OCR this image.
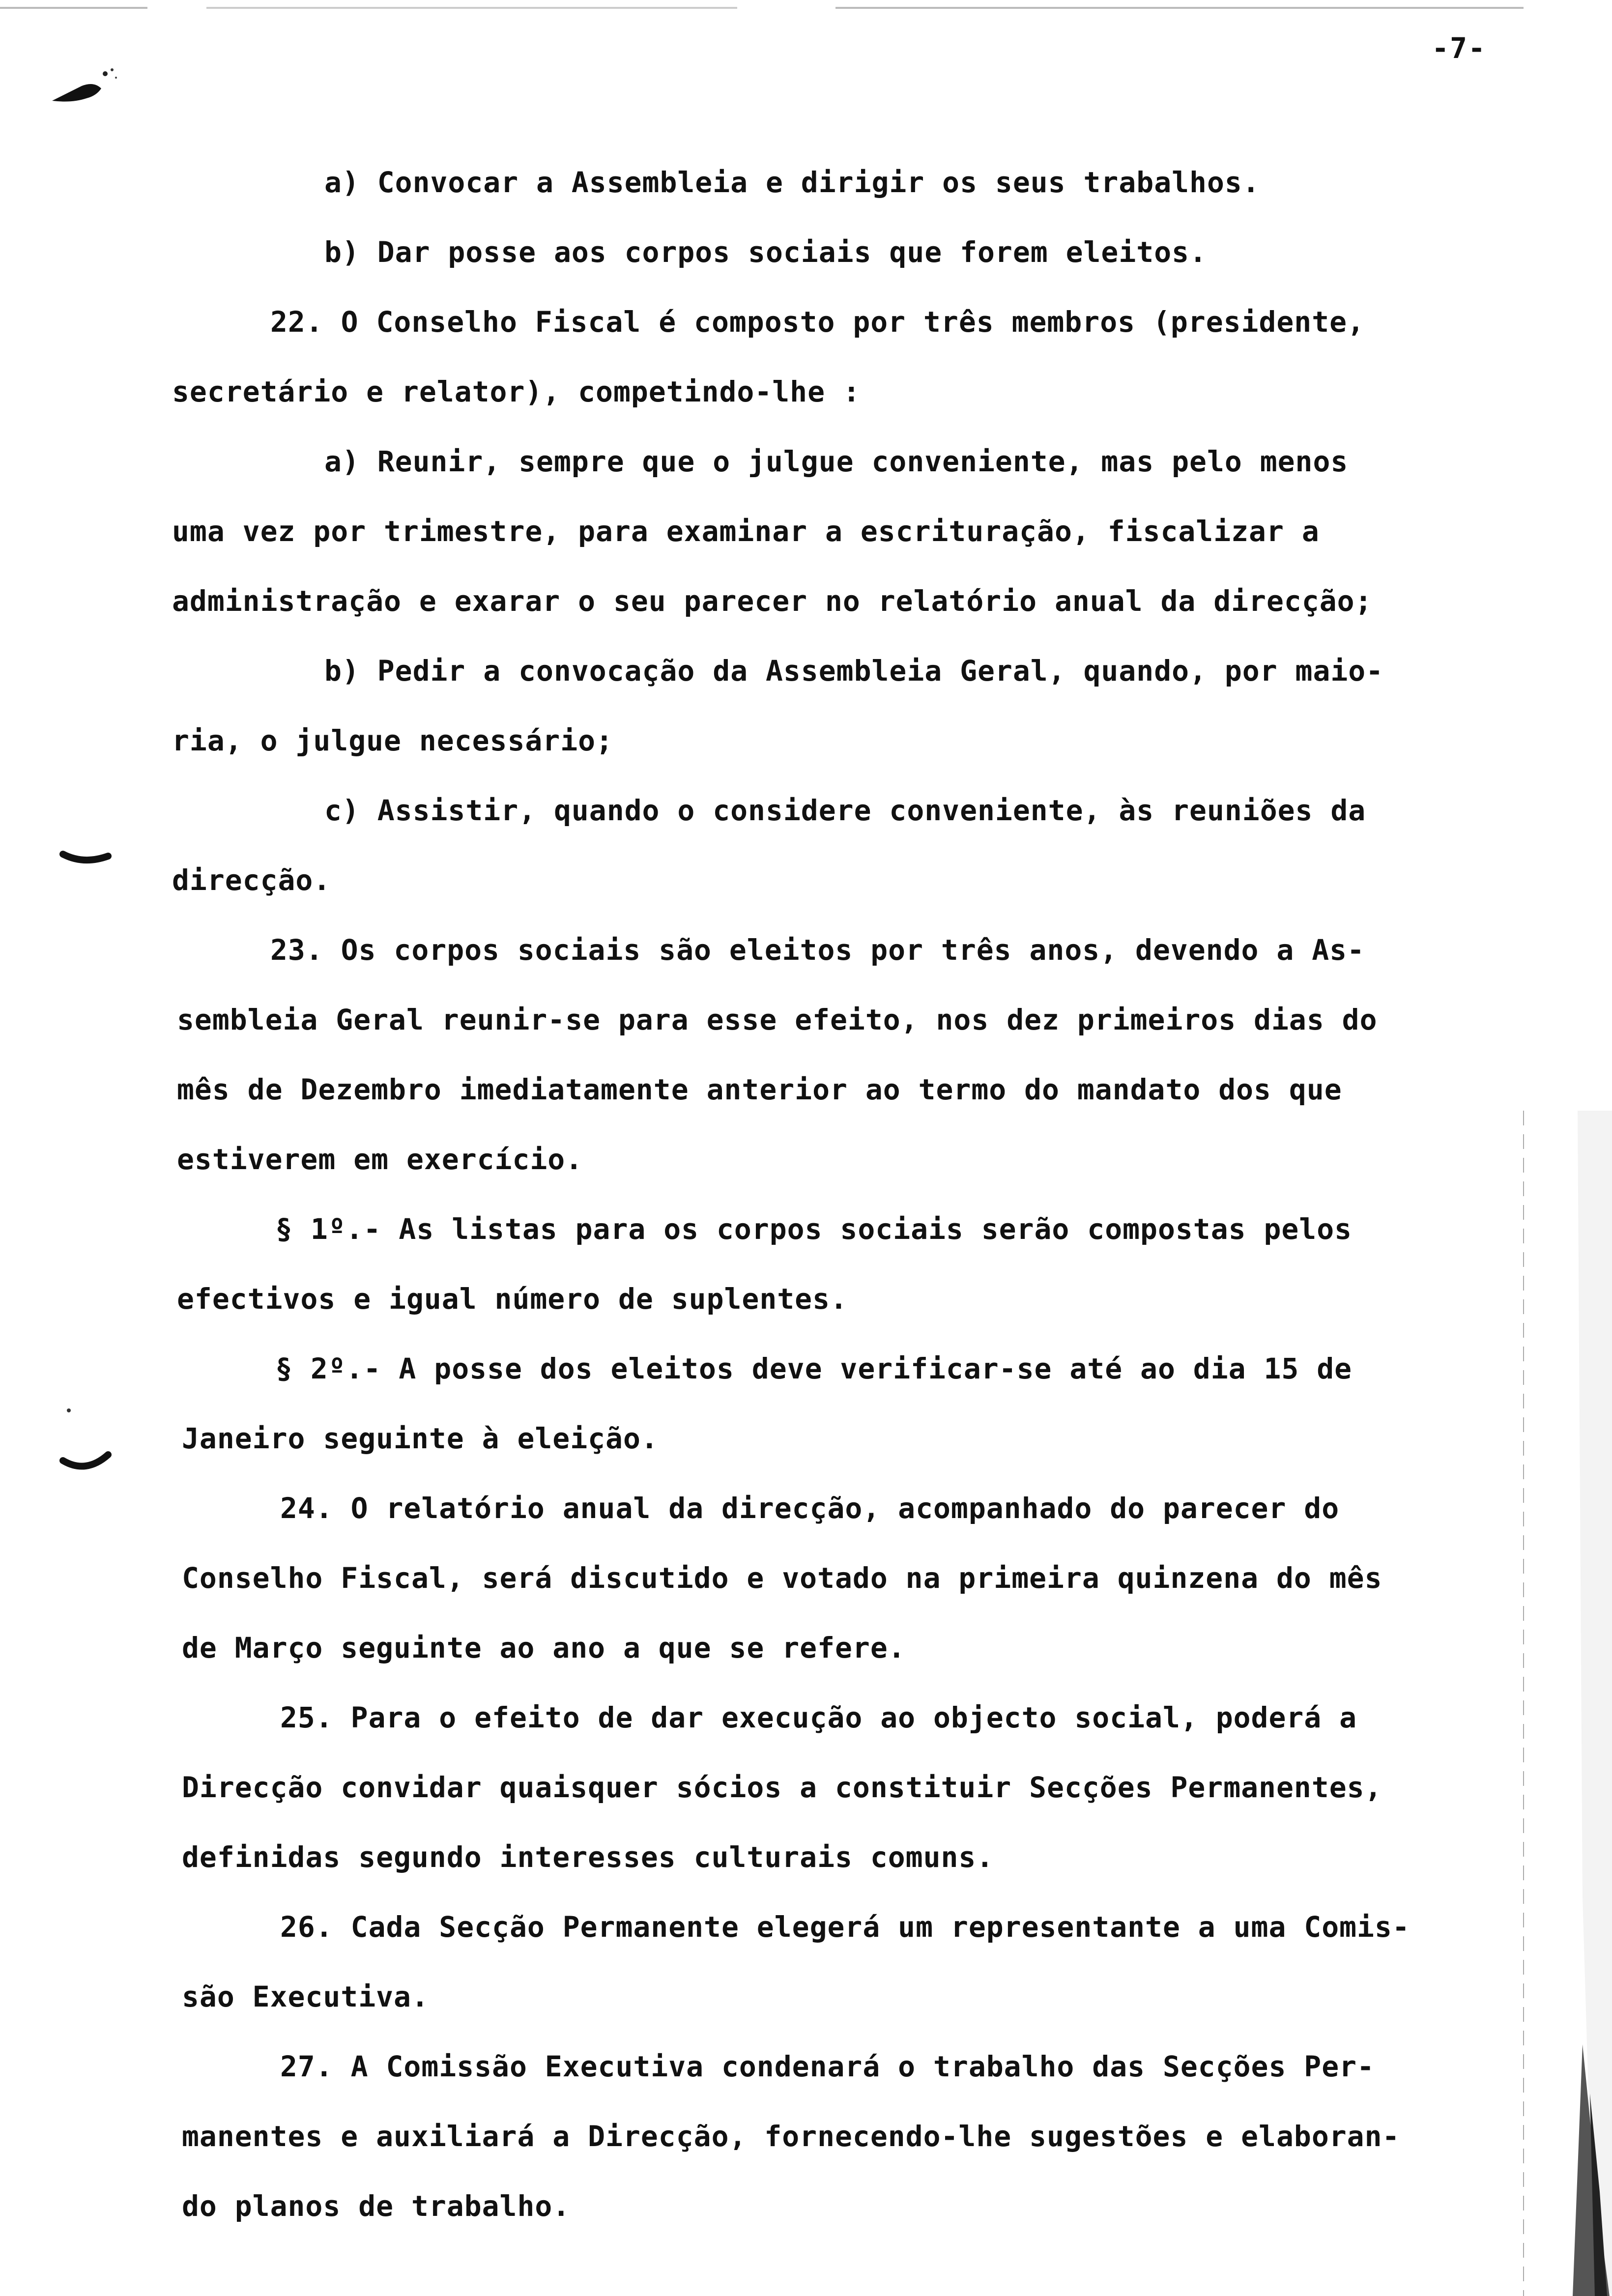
-7-
a) Convocar a Assembleia e dirigir os seus trabalhos.
b) Dar posse aos corpos sociais que forem eleitos.
22. O Conselho Fiscal é composto por três membros (presidente,
secretário e relator), competindo-lhe :
a) Reunir, sempre que o julgue conveniente, mas pelo menos
uma vez por trimestre, para examinar a escrituração, fiscalizar a
administração e exarar o seu parecer no relatório anual da direcção;
b) Pedir a convocação da Assembleia Geral, quando, por maio-
ria, o julgue necessário;
c) Assistir, quando o considere conveniente, às reuniões da
direcção.
23. Os corpos sociais são eleitos por três anos, devendo a As-
sembleia Geral reunir-se para esse efeito, nos dez primeiros dias do
mês de Dezembro imediatamente anterior ao termo do mandato dos que
estiverem em exercício.
§ 1º.- As listas para os corpos sociais serão compostas pelos
efectivos e igual número de suplentes.
§ 2º.- A posse dos eleitos deve verificar-se até ao dia 15 de
Janeiro seguinte à eleição.
24. O relatório anual da direcção, acompanhado do parecer do
Conselho Fiscal, será discutido e votado na primeira quinzena do mês
de Março seguinte ao ano a que se refere.
25. Para o efeito de dar execução ao objecto social, poderá a
Direcção convidar quaisquer sócios a constituir Secções Permanentes,
definidas segundo interesses culturais comuns.
26. Cada Secção Permanente elegerá um representante a uma Comis-
são Executiva.
27. A Comissão Executiva condenará o trabalho das Secções Per-
manentes e auxiliará a Direcção, fornecendo-lhe sugestões e elaboran-
do planos de trabalho.
